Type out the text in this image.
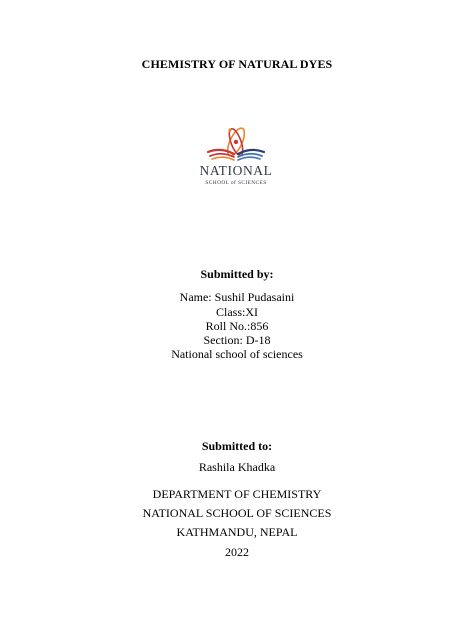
CHEMISTRY OF NATURAL DYES
NATIONAL
SCHOOL of SCIENCES
Submitted by:
Name: Sushil Pudasaini
Class:XI
Roll No.:856
Section: D-18
National school of sciences
Submitted to:
Rashila Khadka
DEPARTMENT OF CHEMISTRY
NATIONAL SCHOOL OF SCIENCES
KATHMANDU, NEPAL
2022
